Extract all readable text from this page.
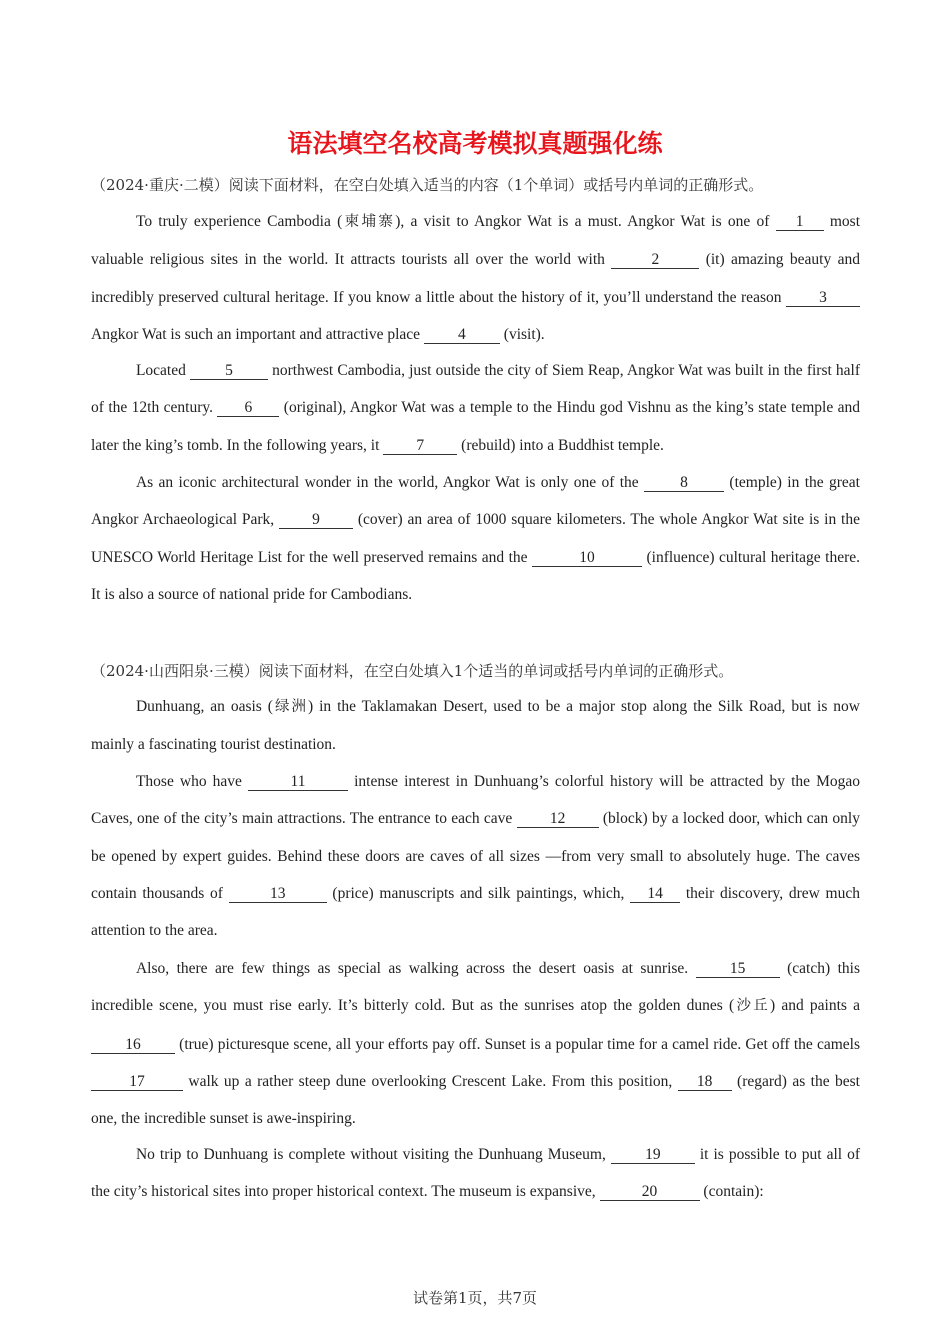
语法填空名校高考模拟真题强化练
（2024·重庆·二模）阅读下面材料，在空白处填入适当的内容（1个单词）或括号内单词的正确形式。
To truly experience Cambodia (柬埔寨), a visit to Angkor Wat is a must. Angkor Wat is one of 1 most valuable religious sites in the world. It attracts tourists all over the world with	2	(it) amazing beauty and incredibly preserved cultural heritage. If you know a little about the history of it, you’ll understand the reason 3 Angkor Wat is such an important and attractive place 4 (visit).
Located 5 northwest Cambodia, just outside the city of Siem Reap, Angkor Wat was built in the first half of the 12th century. 6 (original), Angkor Wat was a temple to the Hindu god Vishnu as the king’s state temple and later the king’s tomb. In the following years, it 7 (rebuild) into a Buddhist temple.
As an iconic architectural wonder in the world, Angkor Wat is only one of the 8 (temple) in the great Angkor Archaeological Park, 9 (cover) an area of 1000 square kilometers. The whole Angkor Wat site is in the UNESCO World Heritage List for the well preserved remains and the	10	(influence) cultural heritage there. It is also a source of national pride for Cambodians.
（2024·山西阳泉·三模）阅读下面材料，在空白处填入1个适当的单词或括号内单词的正确形式。
Dunhuang, an oasis (绿洲) in the Taklamakan Desert, used to be a major stop along the Silk Road, but is now mainly a fascinating tourist destination.
Those who have	11	intense interest in Dunhuang’s colorful history will be attracted by the Mogao Caves, one of the city’s main attractions. The entrance to each cave 12 (block) by a locked door, which can only be opened by expert guides. Behind these doors are caves of all sizes —from very small to absolutely huge. The caves contain thousands of	13	(price) manuscripts and silk paintings, which, 14 their discovery, drew much attention to the area.
Also, there are few things as special as walking across the desert oasis at sunrise. 15 (catch) this incredible scene, you must rise early. It’s bitterly cold. But as the sunrises atop the golden dunes (沙丘) and paints a 16 (true) picturesque scene, all your efforts pay off. Sunset is a popular time for a camel ride. Get off the camels 17 walk up a rather steep dune overlooking Crescent Lake. From this position, 18 (regard) as the best one, the incredible sunset is awe-inspiring.
No trip to Dunhuang is complete without visiting the Dunhuang Museum, 19 it is possible to put all of the city’s historical sites into proper historical context. The museum is expansive,	20	(contain):
试卷第1页，共7页
